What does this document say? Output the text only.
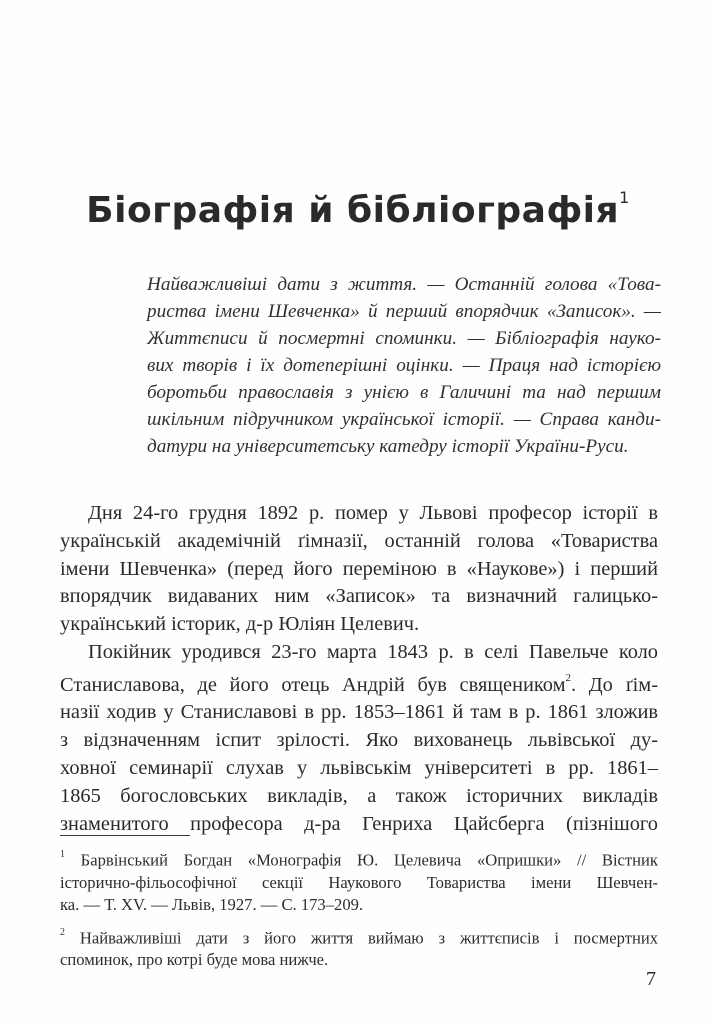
Біографія й бібліографія$^1$
Найважливіші дати з життя. — Останній голова «Това-
риства імени Шевченка» й перший впорядчик «Записок». —
Життєписи й посмертні споминки. — Бібліографія науко-
вих творів і їх дотеперішні оцінки. — Праця над історією
боротьби православія з унією в Галичині та над першим
шкільним підручником української історії. — Справа канди-
датури на університетську катедру історії України-Руси.
Дня 24-го грудня 1892 р. помер у Львові професор історії в
українській академічній ґімназії, останній голова «Товариства
імени Шевченка» (перед його переміною в «Наукове») і перший
впорядчик видаваних ним «Записок» та визначний галицько-
український історик, д-р Юліян Целевич.
Покійник уродився 23-го марта 1843 р. в селі Павельче коло
Станиславова, де його отець Андрій був священиком$^2$. До ґім-
назії ходив у Станиславові в рр. 1853–1861 й там в р. 1861 зложив
з відзначенням іспит зрілості. Яко вихованець львівської ду-
ховної семинарії слухав у львівськім університеті в рр. 1861–
1865 богословських викладів, а також історичних викладів
знаменитого професора д-ра Генриха Цайсберга (пізнішого
$^1$ Барвінський Богдан «Монографія Ю. Целевича «Опришки» // Вістник
історично-фільософічної секції Наукового Товариства імени Шевчен-
ка. — Т. XV. — Львів, 1927. — С. 173–209.
$^2$ Найважливіші дати з його життя виймаю з життєписів і посмертних
споминок, про котрі буде мова нижче.
7
